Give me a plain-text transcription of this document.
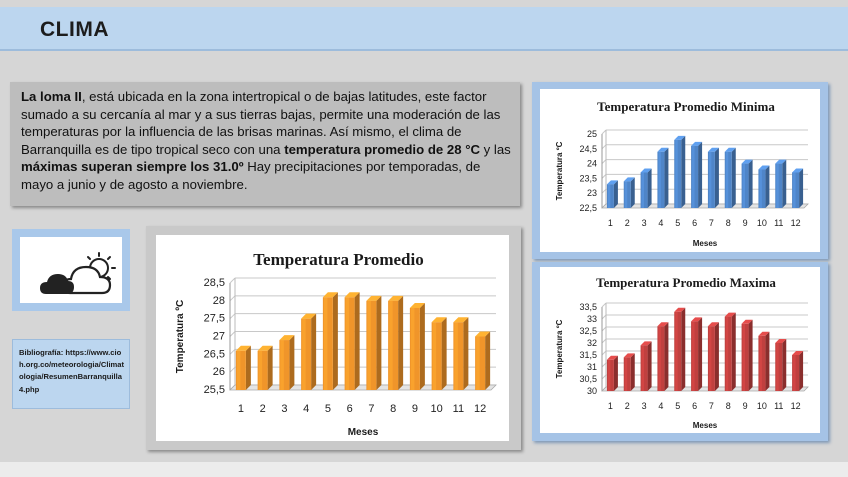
CLIMA
La loma II, está ubicada en la zona intertropical o de bajas latitudes, este factor sumado a su cercanía al mar y a sus tierras bajas, permite una moderación de las temperaturas por la influencia de las brisas marinas. Así mismo, el clima de Barranquilla es de tipo tropical seco con una temperatura promedio de 28 °C y las máximas superan siempre los 31.0º Hay precipitaciones por temporadas, de mayo a junio y de agosto a noviembre.
Bibliografía: https://www.cioh.org.co/meteorologia/Climatologia/ResumenBarranquilla4.php
Temperatura Promedio
25,5
26
26,5
27
27,5
28
28,5
1 2 3 4 5 6 7 8 9 10 11 12
Meses
Temperatura ºC
Temperatura Promedio Minima
22,5
23
23,5
24
24,5
25
1 2 3 4 5 6 7 8 9 10 11 12
Meses
Temperatura ºC
Temperatura Promedio Maxima
30
30,5
31
31,5
32
32,5
33
33,5
1 2 3 4 5 6 7 8 9 10 11 12
Meses
Temperatura ºC
